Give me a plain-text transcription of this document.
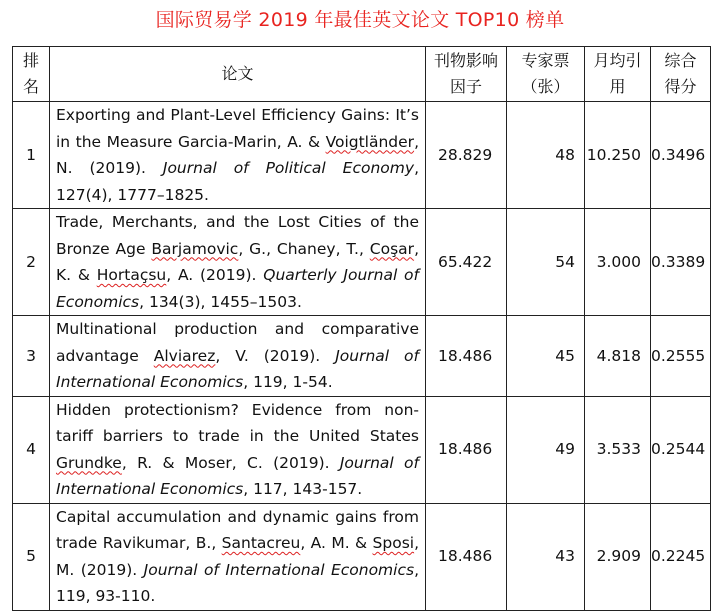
国际贸易学 2019 年最佳英文论文 TOP10 榜单
排名	论文	刊物影响因子	专家票（张）	月均引用	综合得分
1	Exporting and Plant-Level Efficiency Gains: It’s in the Measure Garcia-Marin, A. & Voigtländer, N. (2019). Journal of Political Economy, 127(4), 1777–1825.	28.829	48	10.250	0.3496
2	Trade, Merchants, and the Lost Cities of the Bronze Age Barjamovic, G., Chaney, T., Coşar, K. & Hortaçsu, A. (2019). Quarterly Journal of Economics, 134(3), 1455–1503.	65.422	54	3.000	0.3389
3	Multinational production and comparative advantage Alviarez, V. (2019). Journal of International Economics, 119, 1-54.	18.486	45	4.818	0.2555
4	Hidden protectionism? Evidence from non-tariff barriers to trade in the United States Grundke, R. & Moser, C. (2019). Journal of International Economics, 117, 143-157.	18.486	49	3.533	0.2544
5	Capital accumulation and dynamic gains from trade Ravikumar, B., Santacreu, A. M. & Sposi, M. (2019). Journal of International Economics, 119, 93-110.	18.486	43	2.909	0.2245
